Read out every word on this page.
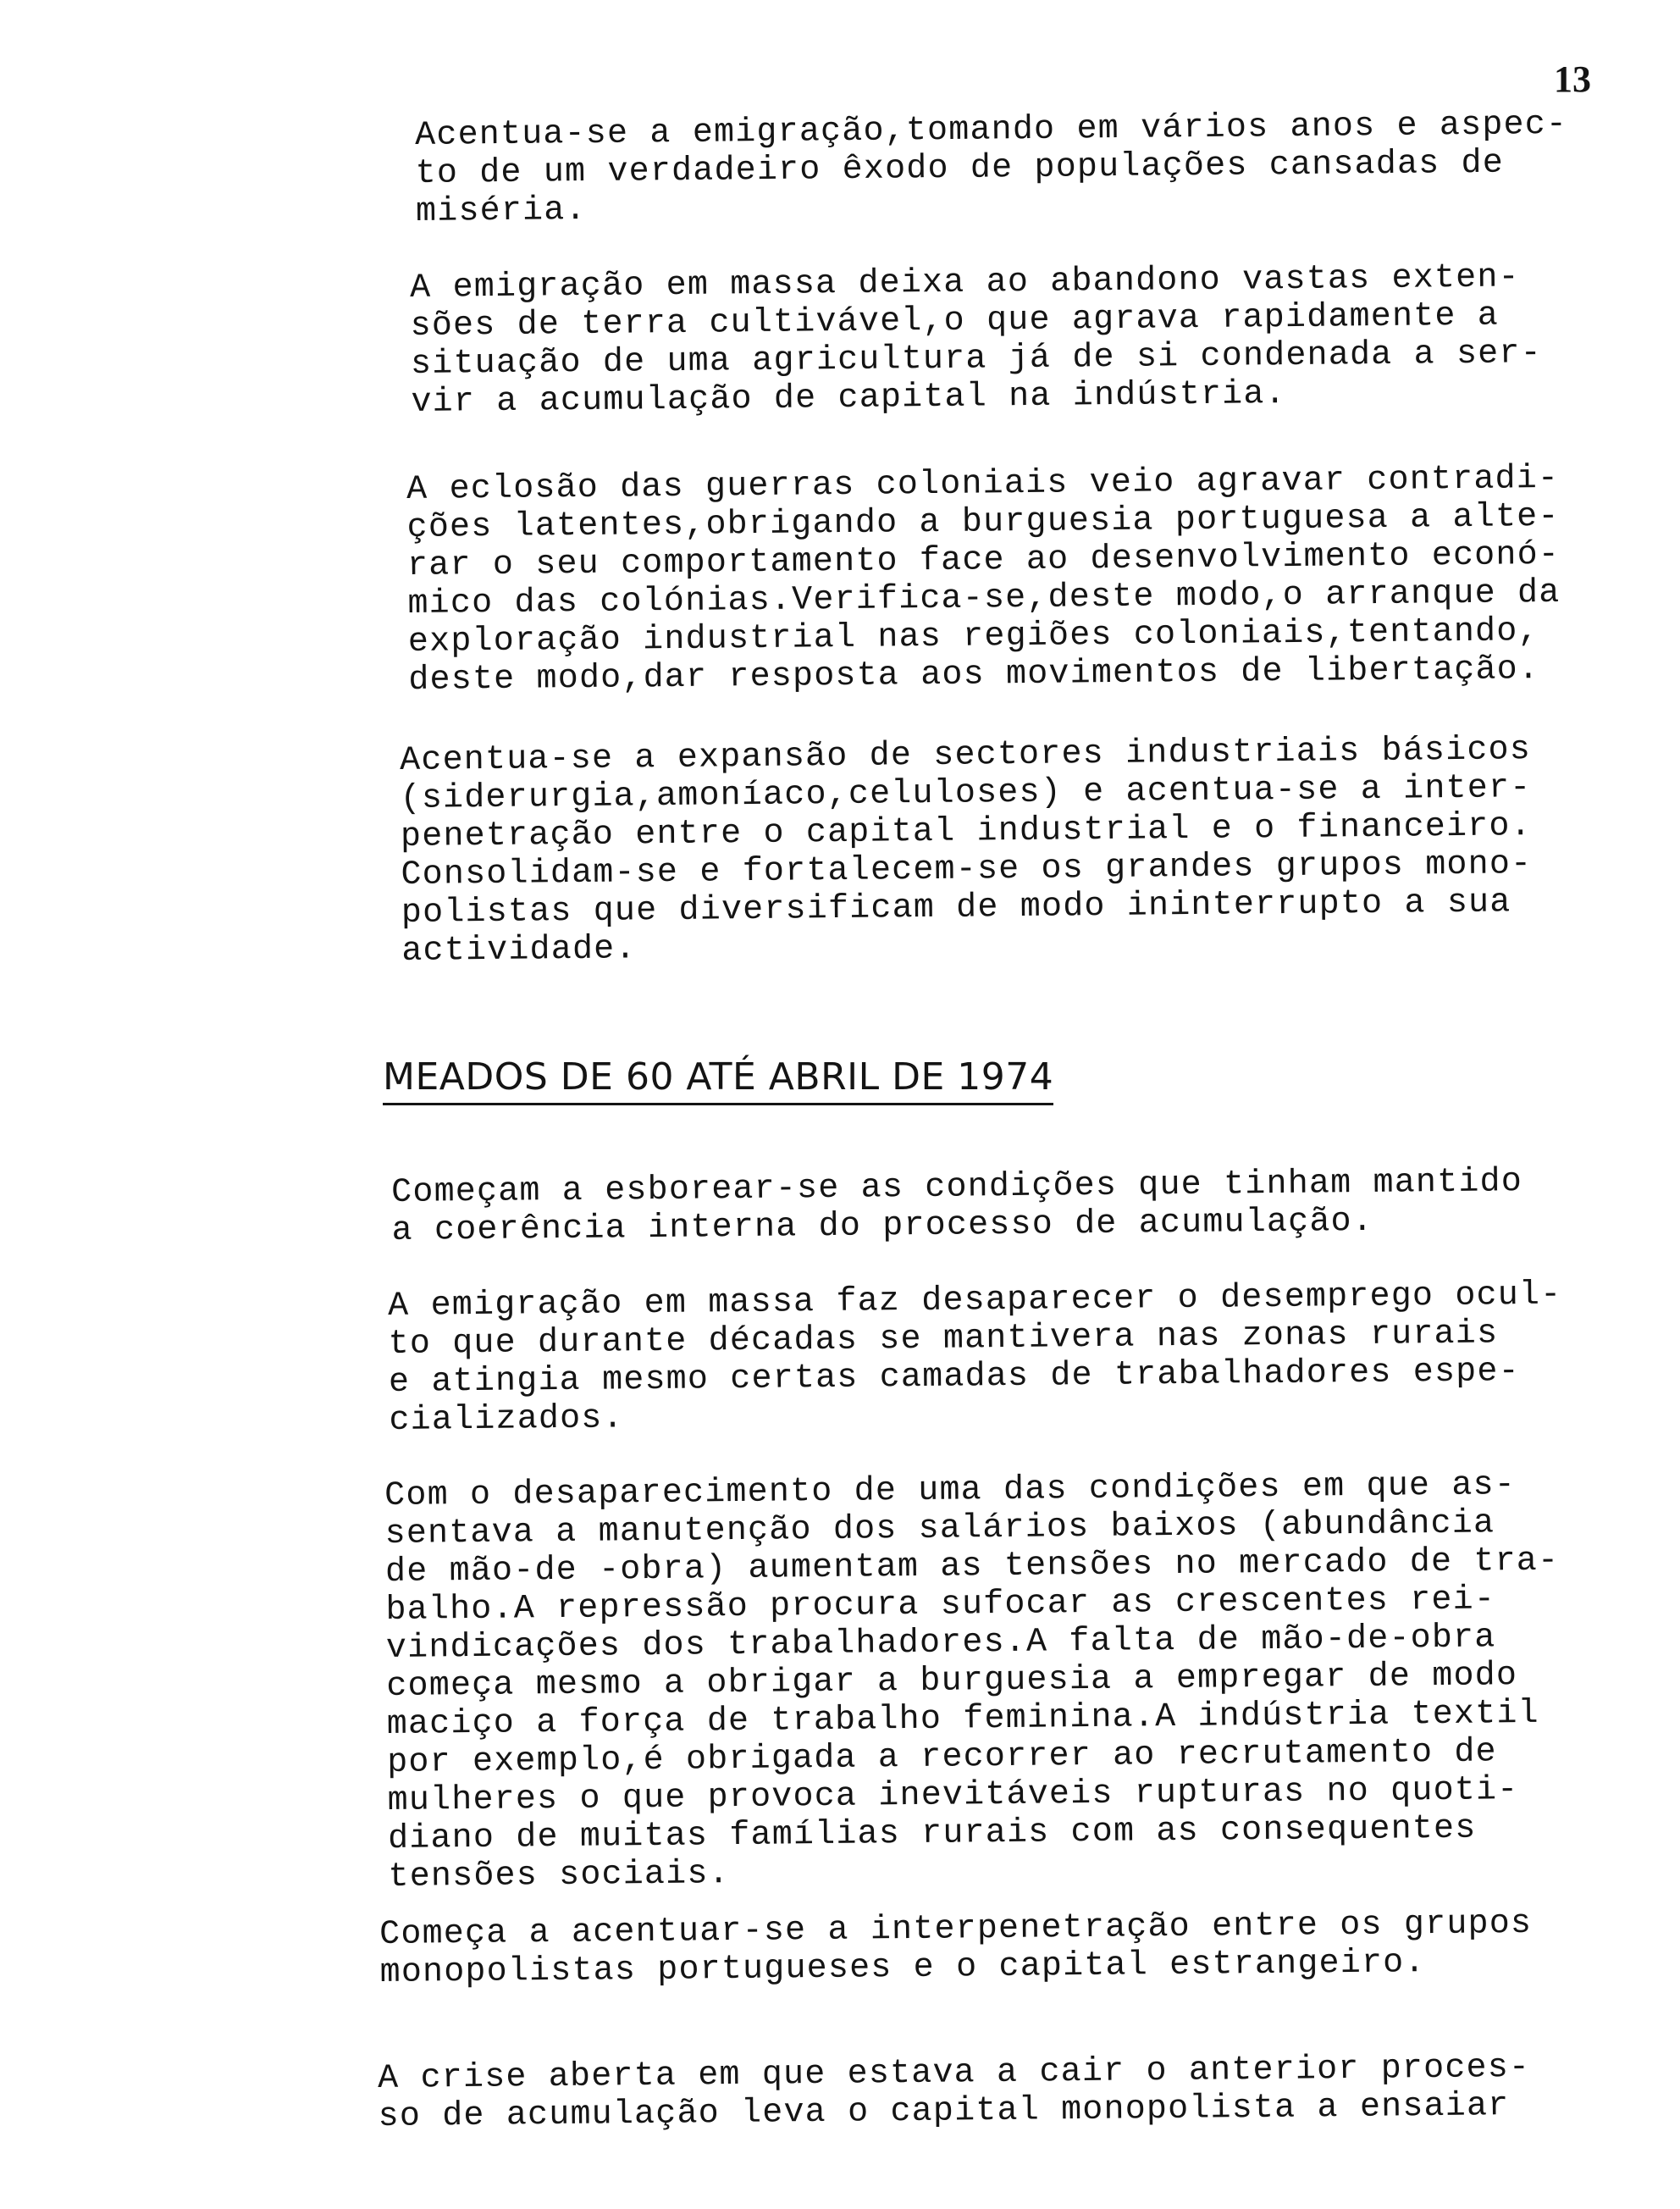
13
Acentua-se a emigração,tomando em vários anos e aspec-
to de um verdadeiro êxodo de populações cansadas de
miséria.
A emigração em massa deixa ao abandono vastas exten-
sões de terra cultivável,o que agrava rapidamente a
situação de uma agricultura já de si condenada a ser-
vir a acumulação de capital na indústria.
A eclosão das guerras coloniais veio agravar contradi-
ções latentes,obrigando a burguesia portuguesa a alte-
rar o seu comportamento face ao desenvolvimento econó-
mico das colónias.Verifica-se,deste modo,o arranque da
exploração industrial nas regiões coloniais,tentando,
deste modo,dar resposta aos movimentos de libertação.
Acentua-se a expansão de sectores industriais básicos
(siderurgia,amoníaco,celuloses) e acentua-se a inter-
penetração entre o capital industrial e o financeiro.
Consolidam-se e fortalecem-se os grandes grupos mono-
polistas que diversificam de modo ininterrupto a sua
actividade.
MEADOS DE 60 ATÉ ABRIL DE 1974
Começam a esborear-se as condições que tinham mantido
a coerência interna do processo de acumulação.
A emigração em massa faz desaparecer o desemprego ocul-
to que durante décadas se mantivera nas zonas rurais
e atingia mesmo certas camadas de trabalhadores espe-
cializados.
Com o desaparecimento de uma das condições em que as-
sentava a manutenção dos salários baixos (abundância
de mão-de -obra) aumentam as tensões no mercado de tra-
balho.A repressão procura sufocar as crescentes rei-
vindicações dos trabalhadores.A falta de mão-de-obra
começa mesmo a obrigar a burguesia a empregar de modo
maciço a força de trabalho feminina.A indústria textil
por exemplo,é obrigada a recorrer ao recrutamento de
mulheres o que provoca inevitáveis rupturas no quoti-
diano de muitas famílias rurais com as consequentes
tensões sociais.
Começa a acentuar-se a interpenetração entre os grupos
monopolistas portugueses e o capital estrangeiro.
A crise aberta em que estava a cair o anterior proces-
so de acumulação leva o capital monopolista a ensaiar
